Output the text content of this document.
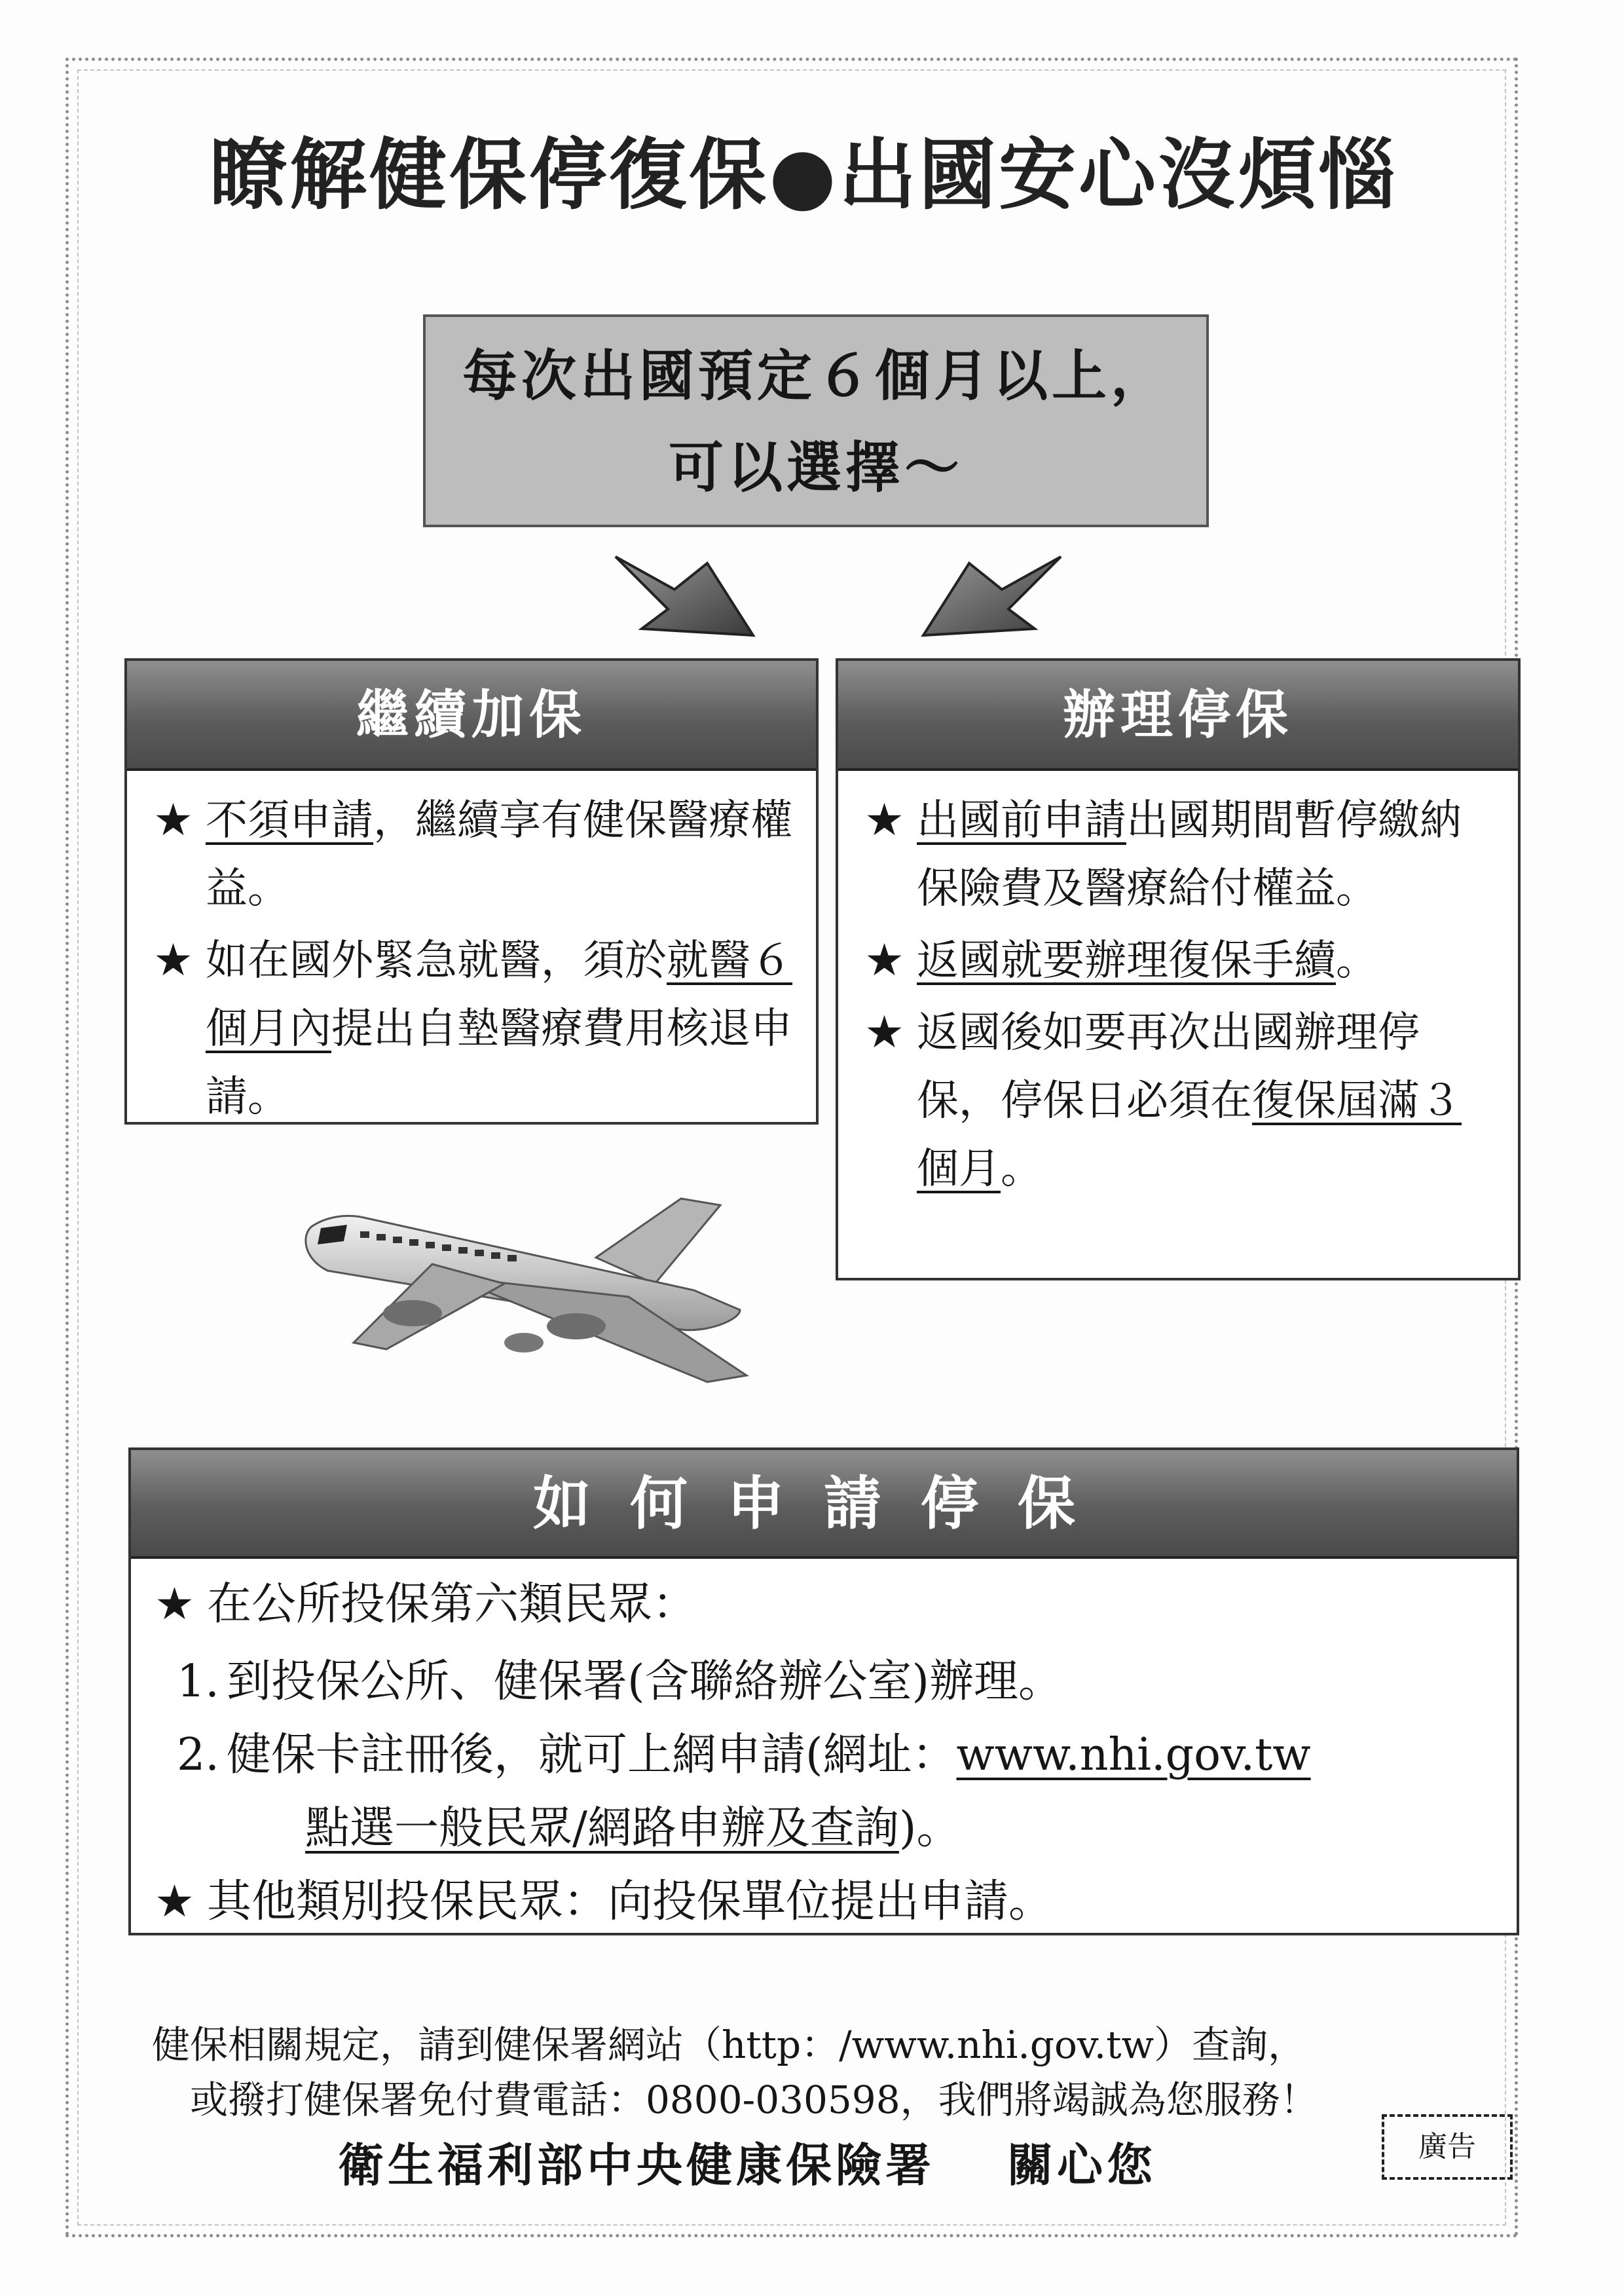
瞭解健保停復保●出國安心沒煩惱
每次出國預定６個月以上，
可以選擇～
繼續加保
★ 不須申請，繼續享有健保醫療權益。
★ 如在國外緊急就醫，須於就醫６個月內提出自墊醫療費用核退申請。
辦理停保
★ 出國前申請出國期間暫停繳納保險費及醫療給付權益。
★ 返國就要辦理復保手續。
★ 返國後如要再次出國辦理停保，停保日必須在復保屆滿３個月。
如何申請停保
★ 在公所投保第六類民眾：
1. 到投保公所、健保署(含聯絡辦公室)辦理。
2. 健保卡註冊後，就可上網申請(網址：www.nhi.gov.tw
點選一般民眾/網路申辦及查詢)。
★ 其他類別投保民眾：向投保單位提出申請。
健保相關規定，請到健保署網站（http：/www.nhi.gov.tw）查詢，
或撥打健保署免付費電話：0800-030598，我們將竭誠為您服務！
衛生福利部中央健康保險署 關心您	廣告
